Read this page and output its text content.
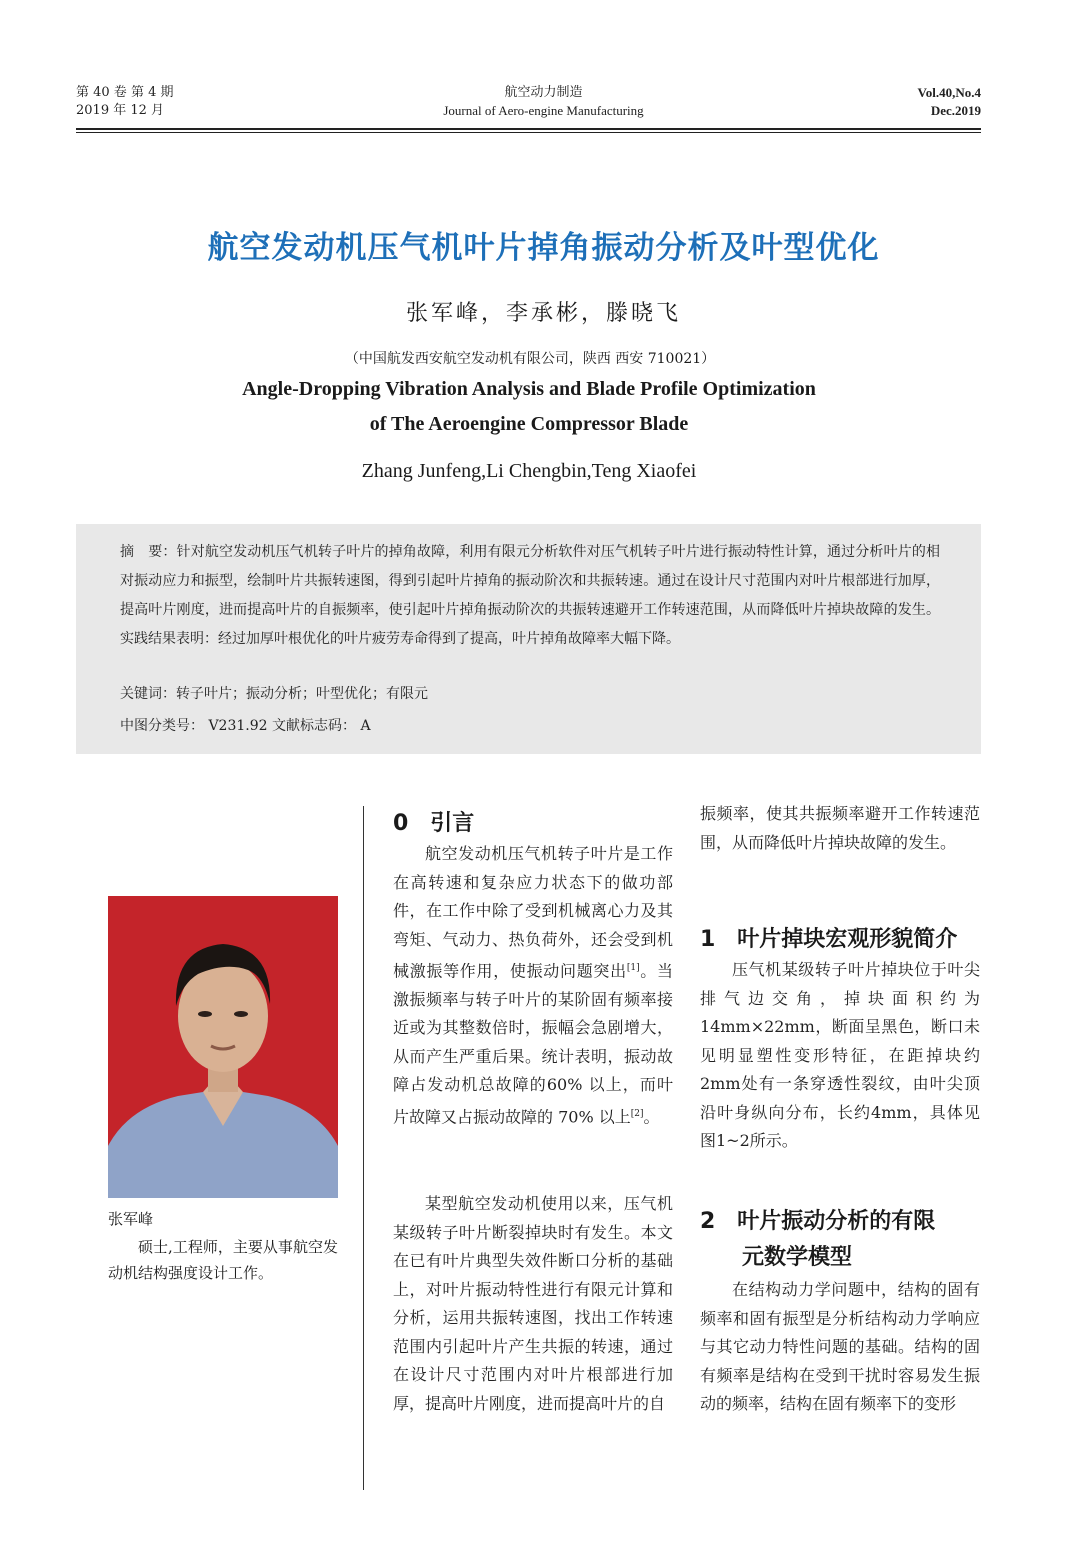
第 40 卷 第 4 期
2019 年 12 月
航空动力制造
Journal of Aero-engine Manufacturing
Vol.40,No.4
Dec.2019
航空发动机压气机叶片掉角振动分析及叶型优化
张军峰，李承彬，滕晓飞
（中国航发西安航空发动机有限公司，陕西 西安 710021）
Angle-Dropping Vibration Analysis and Blade Profile Optimization
of The Aeroengine Compressor Blade
Zhang Junfeng,Li Chengbin,Teng Xiaofei
摘　要：针对航空发动机压气机转子叶片的掉角故障，利用有限元分析软件对压气机转子叶片进行振动特性计算，通过分析叶片的相对振动应力和振型，绘制叶片共振转速图，得到引起叶片掉角的振动阶次和共振转速。通过在设计尺寸范围内对叶片根部进行加厚，提高叶片刚度，进而提高叶片的自振频率，使引起叶片掉角振动阶次的共振转速避开工作转速范围，从而降低叶片掉块故障的发生。实践结果表明：经过加厚叶根优化的叶片疲劳寿命得到了提高，叶片掉角故障率大幅下降。
关键词：转子叶片；振动分析；叶型优化；有限元
中图分类号： V231.92 文献标志码： A
张军峰
硕士,工程师，主要从事航空发动机结构强度设计工作。
0　引言
航空发动机压气机转子叶片是工作在高转速和复杂应力状态下的做功部件，在工作中除了受到机械离心力及其弯矩、气动力、热负荷外，还会受到机械激振等作用，使振动问题突出[1]。当激振频率与转子叶片的某阶固有频率接近或为其整数倍时，振幅会急剧增大，从而产生严重后果。统计表明，振动故障占发动机总故障的60% 以上，而叶片故障又占振动故障的 70% 以上[2]。
某型航空发动机使用以来，压气机某级转子叶片断裂掉块时有发生。本文在已有叶片典型失效件断口分析的基础上，对叶片振动特性进行有限元计算和分析，运用共振转速图，找出工作转速范围内引起叶片产生共振的转速，通过在设计尺寸范围内对叶片根部进行加厚，提高叶片刚度，进而提高叶片的自
振频率，使其共振频率避开工作转速范围，从而降低叶片掉块故障的发生。
1　叶片掉块宏观形貌简介
压气机某级转子叶片掉块位于叶尖排气边交角，掉块面积约为14mm×22mm，断面呈黑色，断口未见明显塑性变形特征，在距掉块约2mm处有一条穿透性裂纹，由叶尖顶沿叶身纵向分布，长约4mm，具体见图1~2所示。
2　叶片振动分析的有限
元数学模型
在结构动力学问题中，结构的固有频率和固有振型是分析结构动力学响应与其它动力特性问题的基础。结构的固有频率是结构在受到干扰时容易发生振动的频率，结构在固有频率下的变形
